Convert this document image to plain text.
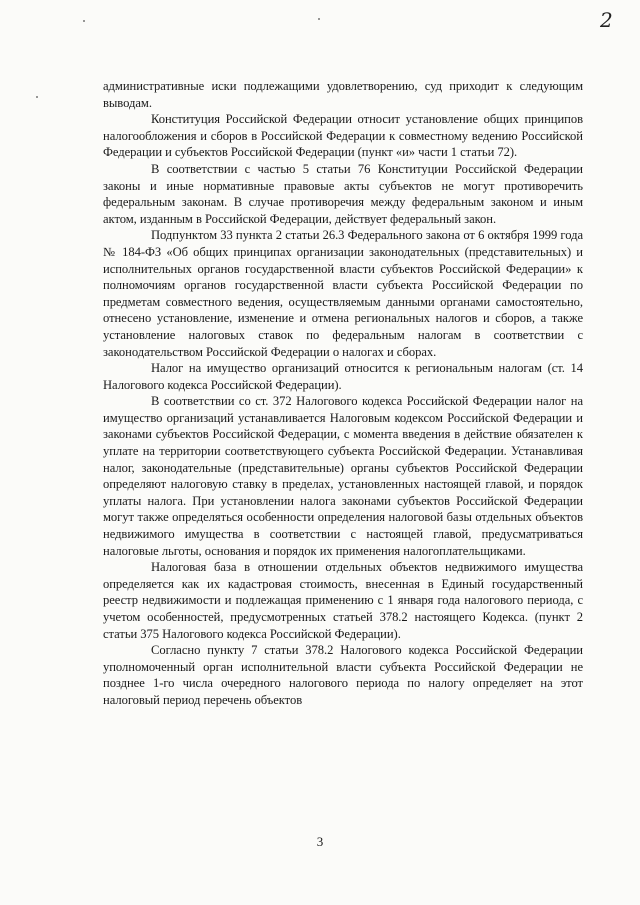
2

административные иски подлежащими удовлетворению, суд приходит к следующим выводам.

Конституция Российской Федерации относит установление общих принципов налогообложения и сборов в Российской Федерации к совместному ведению Российской Федерации и субъектов Российской Федерации (пункт «и» части 1 статьи 72).

В соответствии с частью 5 статьи 76 Конституции Российской Федерации законы и иные нормативные правовые акты субъектов не могут противоречить федеральным законам. В случае противоречия между федеральным законом и иным актом, изданным в Российской Федерации, действует федеральный закон.

Подпунктом 33 пункта 2 статьи 26.3 Федерального закона от 6 октября 1999 года № 184-ФЗ «Об общих принципах организации законодательных (представительных) и исполнительных органов государственной власти субъектов Российской Федерации» к полномочиям органов государственной власти субъекта Российской Федерации по предметам совместного ведения, осуществляемым данными органами самостоятельно, отнесено установление, изменение и отмена региональных налогов и сборов, а также установление налоговых ставок по федеральным налогам в соответствии с законодательством Российской Федерации о налогах и сборах.

Налог на имущество организаций относится к региональным налогам (ст. 14 Налогового кодекса Российской Федерации).

В соответствии со ст. 372 Налогового кодекса Российской Федерации налог на имущество организаций устанавливается Налоговым кодексом Российской Федерации и законами субъектов Российской Федерации, с момента введения в действие обязателен к уплате на территории соответствующего субъекта Российской Федерации. Устанавливая налог, законодательные (представительные) органы субъектов Российской Федерации определяют налоговую ставку в пределах, установленных настоящей главой, и порядок уплаты налога. При установлении налога законами субъектов Российской Федерации могут также определяться особенности определения налоговой базы отдельных объектов недвижимого имущества в соответствии с настоящей главой, предусматриваться налоговые льготы, основания и порядок их применения налогоплательщиками.

Налоговая база в отношении отдельных объектов недвижимого имущества определяется как их кадастровая стоимость, внесенная в Единый государственный реестр недвижимости и подлежащая применению с 1 января года налогового периода, с учетом особенностей, предусмотренных статьей 378.2 настоящего Кодекса. (пункт 2 статьи 375 Налогового кодекса Российской Федерации).

Согласно пункту 7 статьи 378.2 Налогового кодекса Российской Федерации уполномоченный орган исполнительной власти субъекта Российской Федерации не позднее 1-го числа очередного налогового периода по налогу определяет на этот налоговый период перечень объектов

3
